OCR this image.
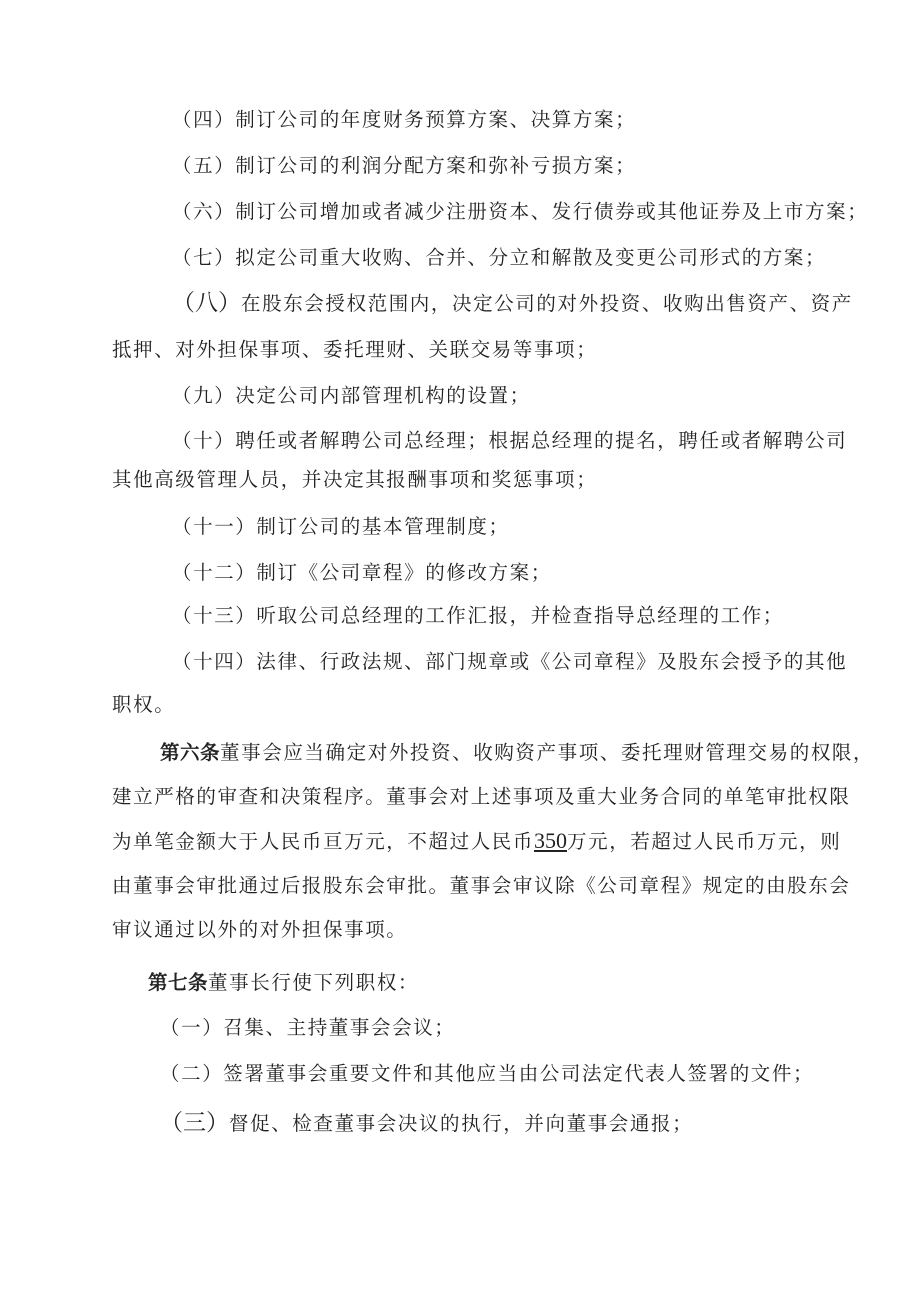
（四）制订公司的年度财务预算方案、决算方案；
（五）制订公司的利润分配方案和弥补亏损方案；
（六）制订公司增加或者减少注册资本、发行债券或其他证券及上市方案；
（七）拟定公司重大收购、合并、分立和解散及变更公司形式的方案；
（八）在股东会授权范围内，决定公司的对外投资、收购出售资产、资产
抵押、对外担保事项、委托理财、关联交易等事项；
（九）决定公司内部管理机构的设置；
（十）聘任或者解聘公司总经理；根据总经理的提名，聘任或者解聘公司
其他高级管理人员，并决定其报酬事项和奖惩事项；
（十一）制订公司的基本管理制度；
（十二）制订《公司章程》的修改方案；
（十三）听取公司总经理的工作汇报，并检查指导总经理的工作；
（十四）法律、行政法规、部门规章或《公司章程》及股东会授予的其他
职权。
第六条董事会应当确定对外投资、收购资产事项、委托理财管理交易的权限，
建立严格的审查和决策程序。董事会对上述事项及重大业务合同的单笔审批权限
为单笔金额大于人民币亘万元，不超过人民币350万元，若超过人民币万元，则
由董事会审批通过后报股东会审批。董事会审议除《公司章程》规定的由股东会
审议通过以外的对外担保事项。
第七条董事长行使下列职权：
（一）召集、主持董事会会议；
（二）签署董事会重要文件和其他应当由公司法定代表人签署的文件；
（三）督促、检查董事会决议的执行，并向董事会通报；
